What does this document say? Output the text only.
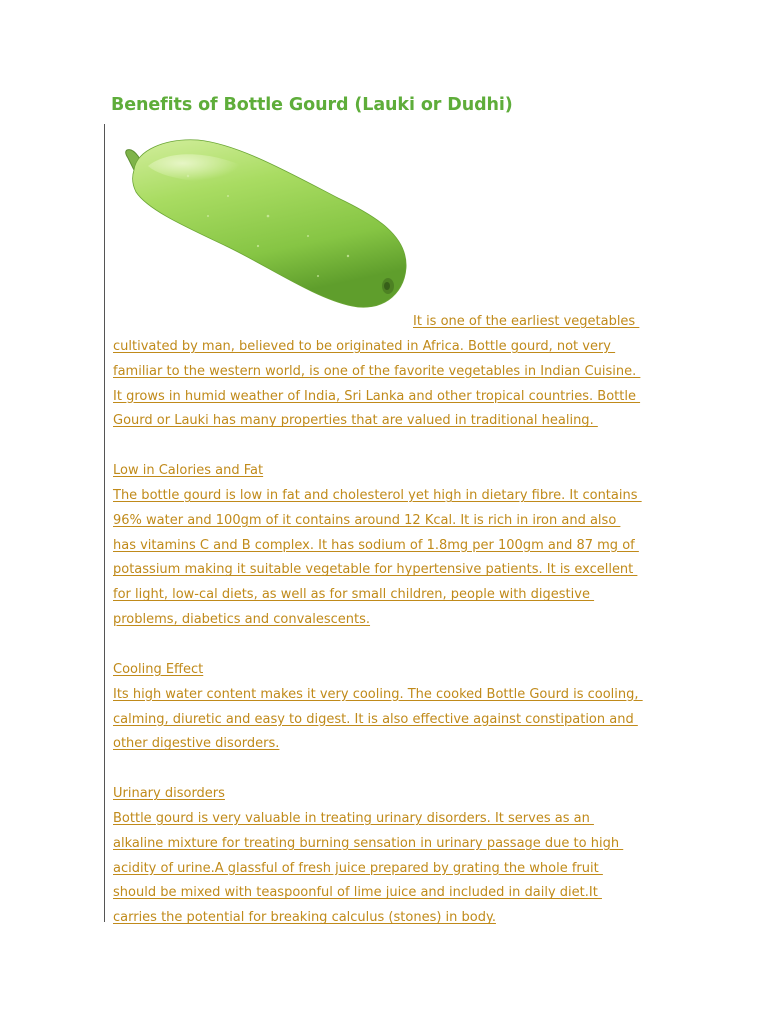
Benefits of Bottle Gourd (Lauki or Dudhi)
It is one of the earliest vegetables
cultivated by man, believed to be originated in Africa. Bottle gourd, not very
familiar to the western world, is one of the favorite vegetables in Indian Cuisine.
It grows in humid weather of India, Sri Lanka and other tropical countries. Bottle
Gourd or Lauki has many properties that are valued in traditional healing.
Low in Calories and Fat
The bottle gourd is low in fat and cholesterol yet high in dietary fibre. It contains
96% water and 100gm of it contains around 12 Kcal. It is rich in iron and also
has vitamins C and B complex. It has sodium of 1.8mg per 100gm and 87 mg of
potassium making it suitable vegetable for hypertensive patients. It is excellent
for light, low-cal diets, as well as for small children, people with digestive
problems, diabetics and convalescents.
Cooling Effect
Its high water content makes it very cooling. The cooked Bottle Gourd is cooling,
calming, diuretic and easy to digest. It is also effective against constipation and
other digestive disorders.
Urinary disorders
Bottle gourd is very valuable in treating urinary disorders. It serves as an
alkaline mixture for treating burning sensation in urinary passage due to high
acidity of urine.A glassful of fresh juice prepared by grating the whole fruit
should be mixed with teaspoonful of lime juice and included in daily diet.It
carries the potential for breaking calculus (stones) in body.
